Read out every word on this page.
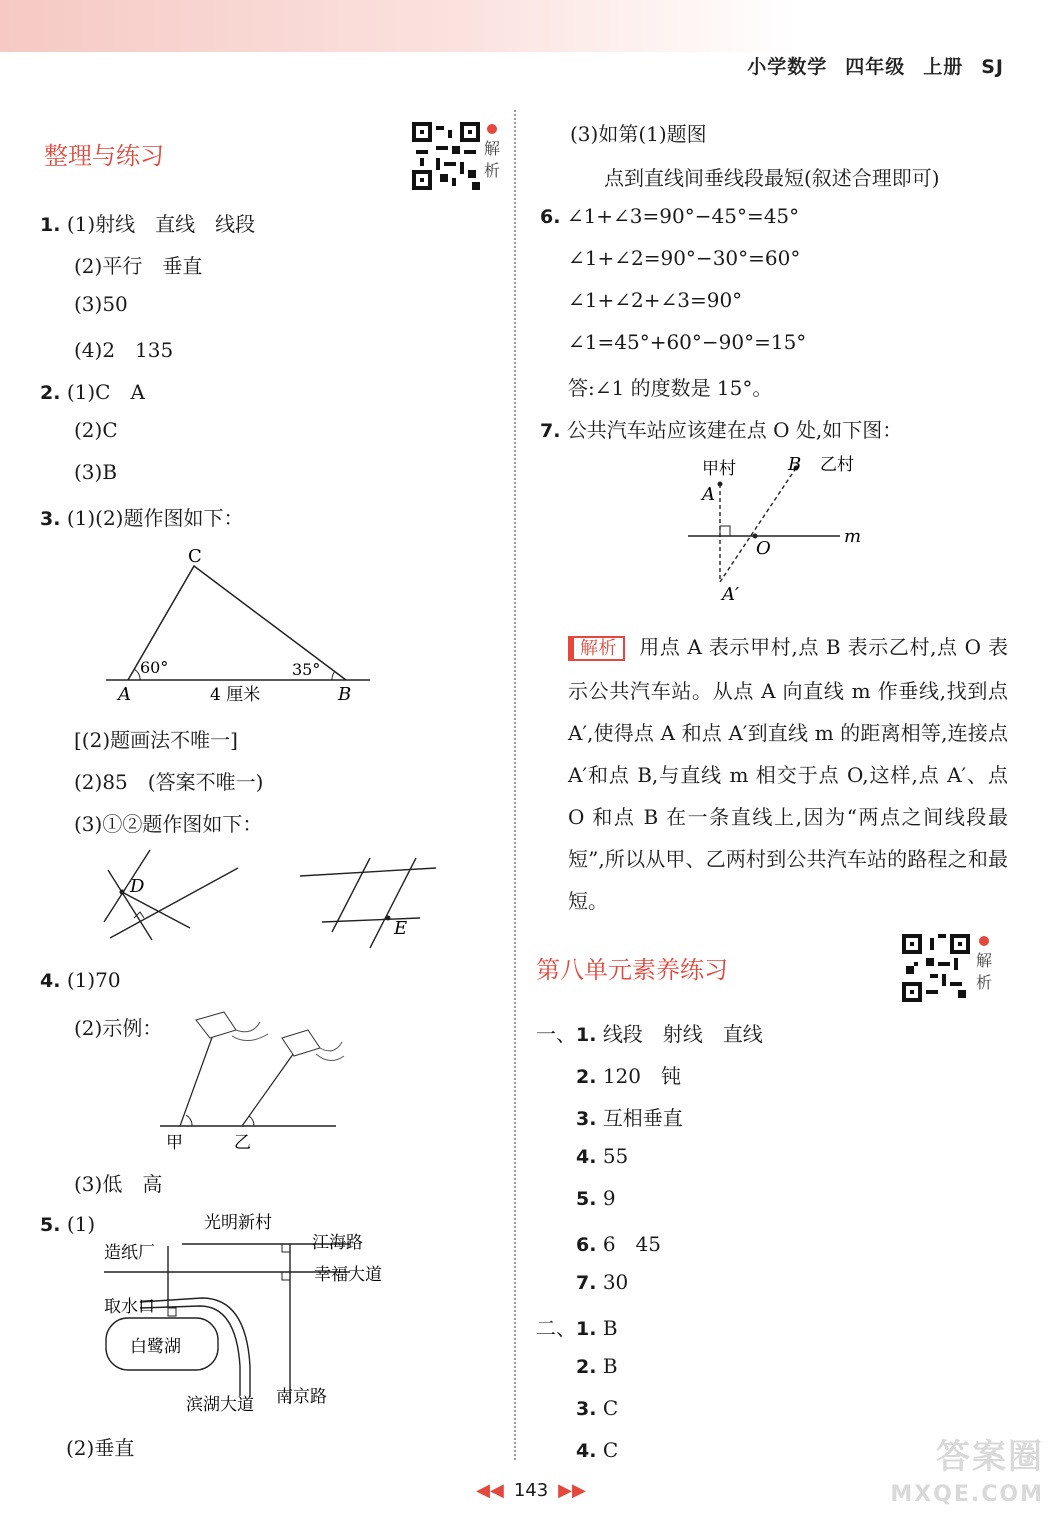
小学数学 四年级 上册 SJ
整理与练习	解析
1. (1)射线　直线　线段
(2)平行　垂直
(3)50
(4)2　135
2. (1)C　A
(2)C
(3)B
3. (1)(2)题作图如下：
C
A	B
60°	35°
4 厘米
[(2)题画法不唯一]
(2)85　(答案不唯一)
(3)①②题作图如下：
D
E
4. (1)70
(2)示例：
甲	乙
(3)低　高
5. (1)	光明新村
造纸厂	江海路
幸福大道
取水口
白鹭湖
滨湖大道 南京路
(2)垂直
(3)如第(1)题图
点到直线间垂线段最短(叙述合理即可)
6. ∠1+∠3=90°−45°=45°
∠1+∠2=90°−30°=60°
∠1+∠2+∠3=90°
∠1=45°+60°−90°=15°
答:∠1 的度数是 15°。
7. 公共汽车站应该建在点 O 处,如下图：
甲村
A
B 乙村
m
O
A′
解析 用点 A 表示甲村,点 B 表示乙村,点 O 表示公共汽车站。从点 A 向直线 m 作垂线,找到点 A′,使得点 A 和点 A′到直线 m 的距离相等,连接点 A′和点 B,与直线 m 相交于点 O,这样,点 A′、点 O 和点 B 在一条直线上,因为“两点之间线段最短”,所以从甲、乙两村到公共汽车站的路程之和最短。
第八单元素养练习	解析
一、1. 线段　射线　直线
2. 120　钝
3. 互相垂直
4. 55
5. 9
6. 6　45
7. 30
二、1. B
2. B
3. C
4. C
◀◀ 143 ▶▶
答案圈
MXQE.COM
